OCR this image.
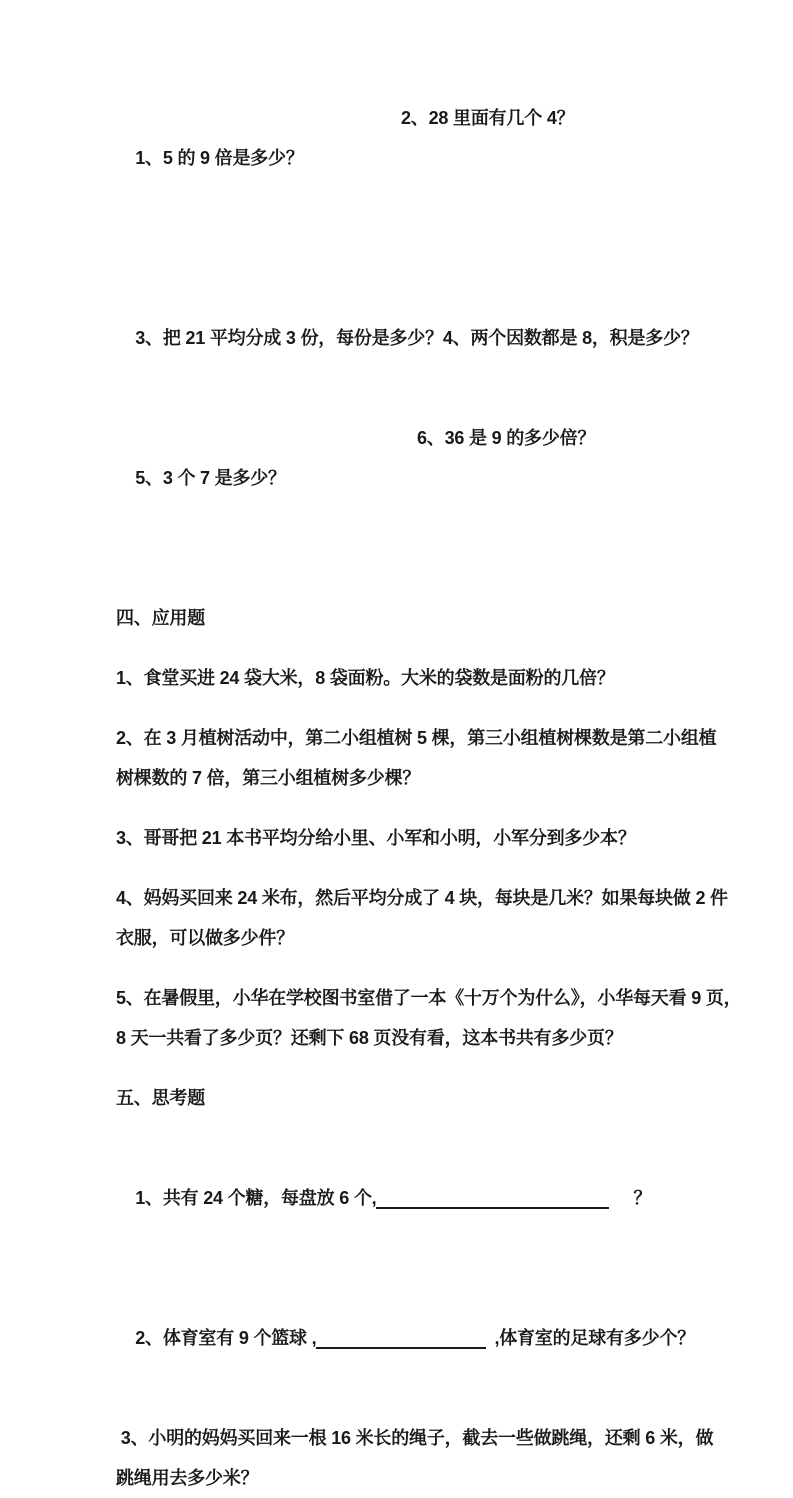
1、5 的 9 倍是多少？

2、28 里面有几个 4？

3、把 21 平均分成 3 份，每份是多少？4、两个因数都是 8，积是多少？

5、3 个 7 是多少？

6、36 是 9 的多少倍？

四、应用题
1、食堂买进 24 袋大米，8 袋面粉。大米的袋数是面粉的几倍？
2、在 3 月植树活动中，第二小组植树 5 棵，第三小组植树棵数是第二小组植
树棵数的 7 倍，第三小组植树多少棵？
3、哥哥把 21 本书平均分给小里、小军和小明，小军分到多少本？
4、妈妈买回来 24 米布，然后平均分成了 4 块，每块是几米？如果每块做 2 件
衣服，可以做多少件？
5、在暑假里，小华在学校图书室借了一本《十万个为什么》，小华每天看 9 页，
8 天一共看了多少页？还剩下 68 页没有看，这本书共有多少页？
五、思考题

1、共有 24 个糖，每盘放 6 个,	？

2、体育室有 9 个篮球 ,	,体育室的足球有多少个？

3、小明的妈妈买回来一根 16 米长的绳子，截去一些做跳绳，还剩 6 米，做
跳绳用去多少米？
